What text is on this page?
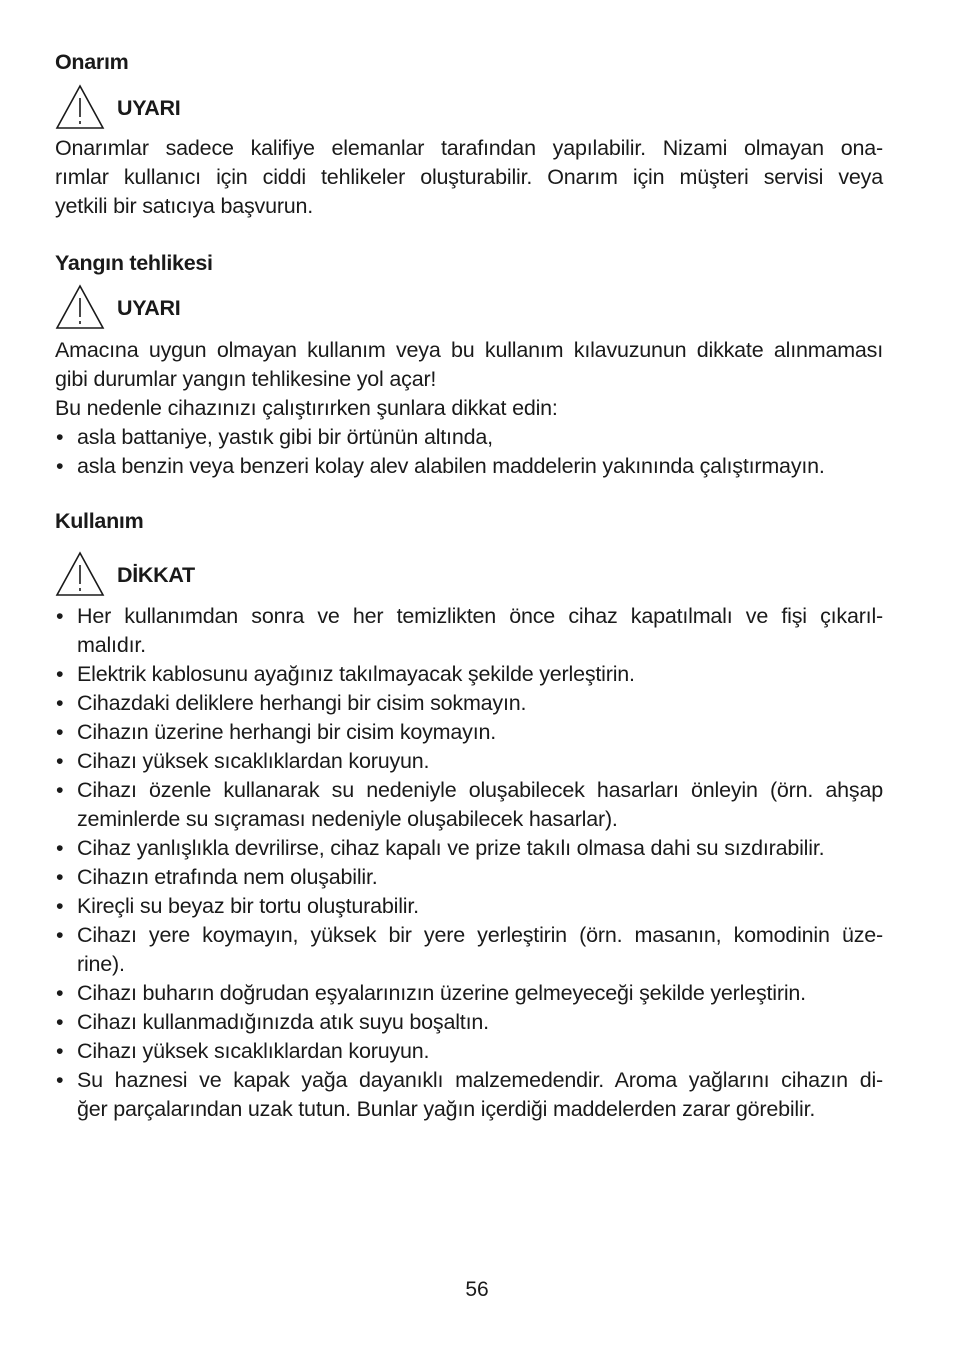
Onarım
UYARI
Onarımlar sadece kalifiye elemanlar tarafından yapılabilir. Nizami olmayan ona-
rımlar kullanıcı için ciddi tehlikeler oluşturabilir. Onarım için müşteri servisi veya
yetkili bir satıcıya başvurun.
Yangın tehlikesi
UYARI
Amacına uygun olmayan kullanım veya bu kullanım kılavuzunun dikkate alınmaması
gibi durumlar yangın tehlikesine yol açar!
Bu nedenle cihazınızı çalıştırırken şunlara dikkat edin:
• asla battaniye, yastık gibi bir örtünün altında,
• asla benzin veya benzeri kolay alev alabilen maddelerin yakınında çalıştırmayın.
Kullanım
DİKKAT
• Her kullanımdan sonra ve her temizlikten önce cihaz kapatılmalı ve fişi çıkarıl-
malıdır.
• Elektrik kablosunu ayağınız takılmayacak şekilde yerleştirin.
• Cihazdaki deliklere herhangi bir cisim sokmayın.
• Cihazın üzerine herhangi bir cisim koymayın.
• Cihazı yüksek sıcaklıklardan koruyun.
• Cihazı özenle kullanarak su nedeniyle oluşabilecek hasarları önleyin (örn. ahşap
zeminlerde su sıçraması nedeniyle oluşabilecek hasarlar).
• Cihaz yanlışlıkla devrilirse, cihaz kapalı ve prize takılı olmasa dahi su sızdırabilir.
• Cihazın etrafında nem oluşabilir.
• Kireçli su beyaz bir tortu oluşturabilir.
• Cihazı yere koymayın, yüksek bir yere yerleştirin (örn. masanın, komodinin üze-
rine).
• Cihazı buharın doğrudan eşyalarınızın üzerine gelmeyeceği şekilde yerleştirin.
• Cihazı kullanmadığınızda atık suyu boşaltın.
• Cihazı yüksek sıcaklıklardan koruyun.
• Su haznesi ve kapak yağa dayanıklı malzemedendir. Aroma yağlarını cihazın di-
ğer parçalarından uzak tutun. Bunlar yağın içerdiği maddelerden zarar görebilir.
56
